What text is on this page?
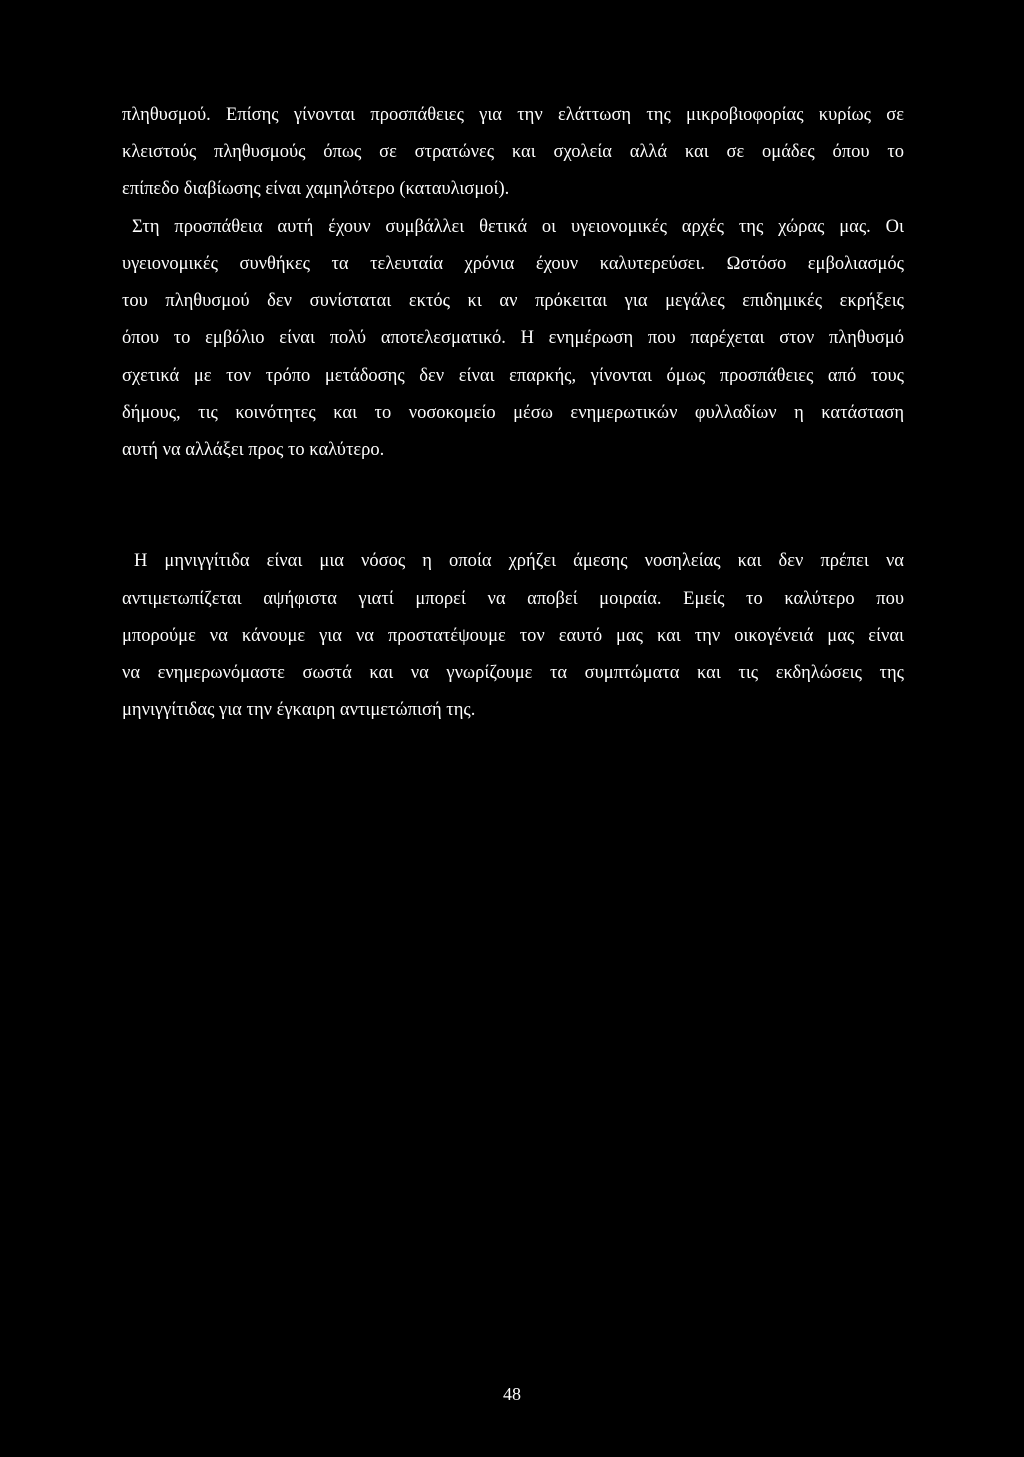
πληθυσμού. Επίσης γίνονται προσπάθειες για την ελάττωση της μικροβιοφορίας κυρίως σε
κλειστούς πληθυσμούς όπως σε στρατώνες και σχολεία αλλά και σε ομάδες όπου το
επίπεδο διαβίωσης είναι χαμηλότερο (καταυλισμοί).
Στη προσπάθεια αυτή έχουν συμβάλλει θετικά οι υγειονομικές αρχές της χώρας μας. Οι
υγειονομικές συνθήκες τα τελευταία χρόνια έχουν καλυτερεύσει. Ωστόσο εμβολιασμός
του πληθυσμού δεν συνίσταται εκτός κι αν πρόκειται για μεγάλες επιδημικές εκρήξεις
όπου το εμβόλιο είναι πολύ αποτελεσματικό. Η ενημέρωση που παρέχεται στον πληθυσμό
σχετικά με τον τρόπο μετάδοσης δεν είναι επαρκής, γίνονται όμως προσπάθειες από τους
δήμους, τις κοινότητες και το νοσοκομείο μέσω ενημερωτικών φυλλαδίων η κατάσταση
αυτή να αλλάξει προς το καλύτερο.
Η μηνιγγίτιδα είναι μια νόσος η οποία χρήζει άμεσης νοσηλείας και δεν πρέπει να
αντιμετωπίζεται αψήφιστα γιατί μπορεί να αποβεί μοιραία. Εμείς το καλύτερο που
μπορούμε να κάνουμε για να προστατέψουμε τον εαυτό μας και την οικογένειά μας είναι
να ενημερωνόμαστε σωστά και να γνωρίζουμε τα συμπτώματα και τις εκδηλώσεις της
μηνιγγίτιδας για την έγκαιρη αντιμετώπισή της.
48
